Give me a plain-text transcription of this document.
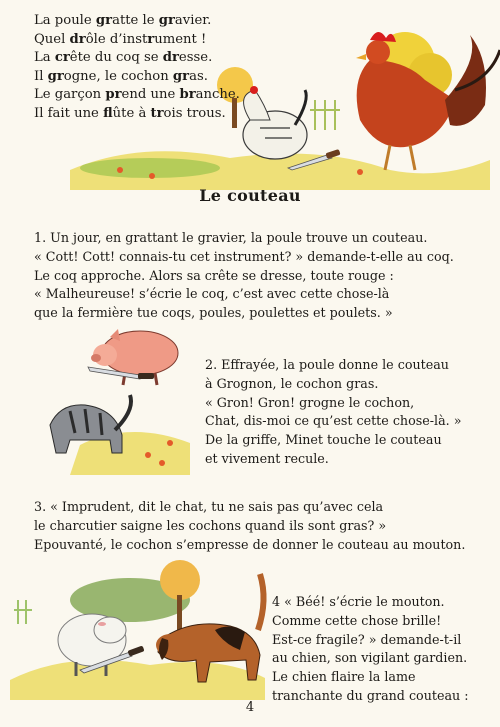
La poule gratte le gravier.
Quel drôle d’instrument !
La crête du coq se dresse.
Il grogne, le cochon gras.
Le garçon prend une branche.
Il fait une flûte à trois trous.
Le couteau
1. Un jour, en grattant le gravier, la poule trouve un couteau.
« Cott! Cott! connais-tu cet instrument? » demande-t-elle au coq.
Le coq approche. Alors sa crête se dresse, toute rouge :
« Malheureuse! s’écrie le coq, c’est avec cette chose-là
que la fermière tue coqs, poules, poulettes et poulets. »
2. Effrayée, la poule donne le couteau
à Grognon, le cochon gras.
« Gron! Gron! grogne le cochon,
Chat, dis-moi ce qu’est cette chose-là. »
De la griffe, Minet touche le couteau
et vivement recule.
3. « Imprudent, dit le chat, tu ne sais pas qu’avec cela
le charcutier saigne les cochons quand ils sont gras? »
Epouvanté, le cochon s’empresse de donner le couteau au mouton.
4 « Béé! s’écrie le mouton.
Comme cette chose brille!
Est-ce fragile? » demande-t-il
au chien, son vigilant gardien.
Le chien flaire la lame
tranchante du grand couteau :
4
